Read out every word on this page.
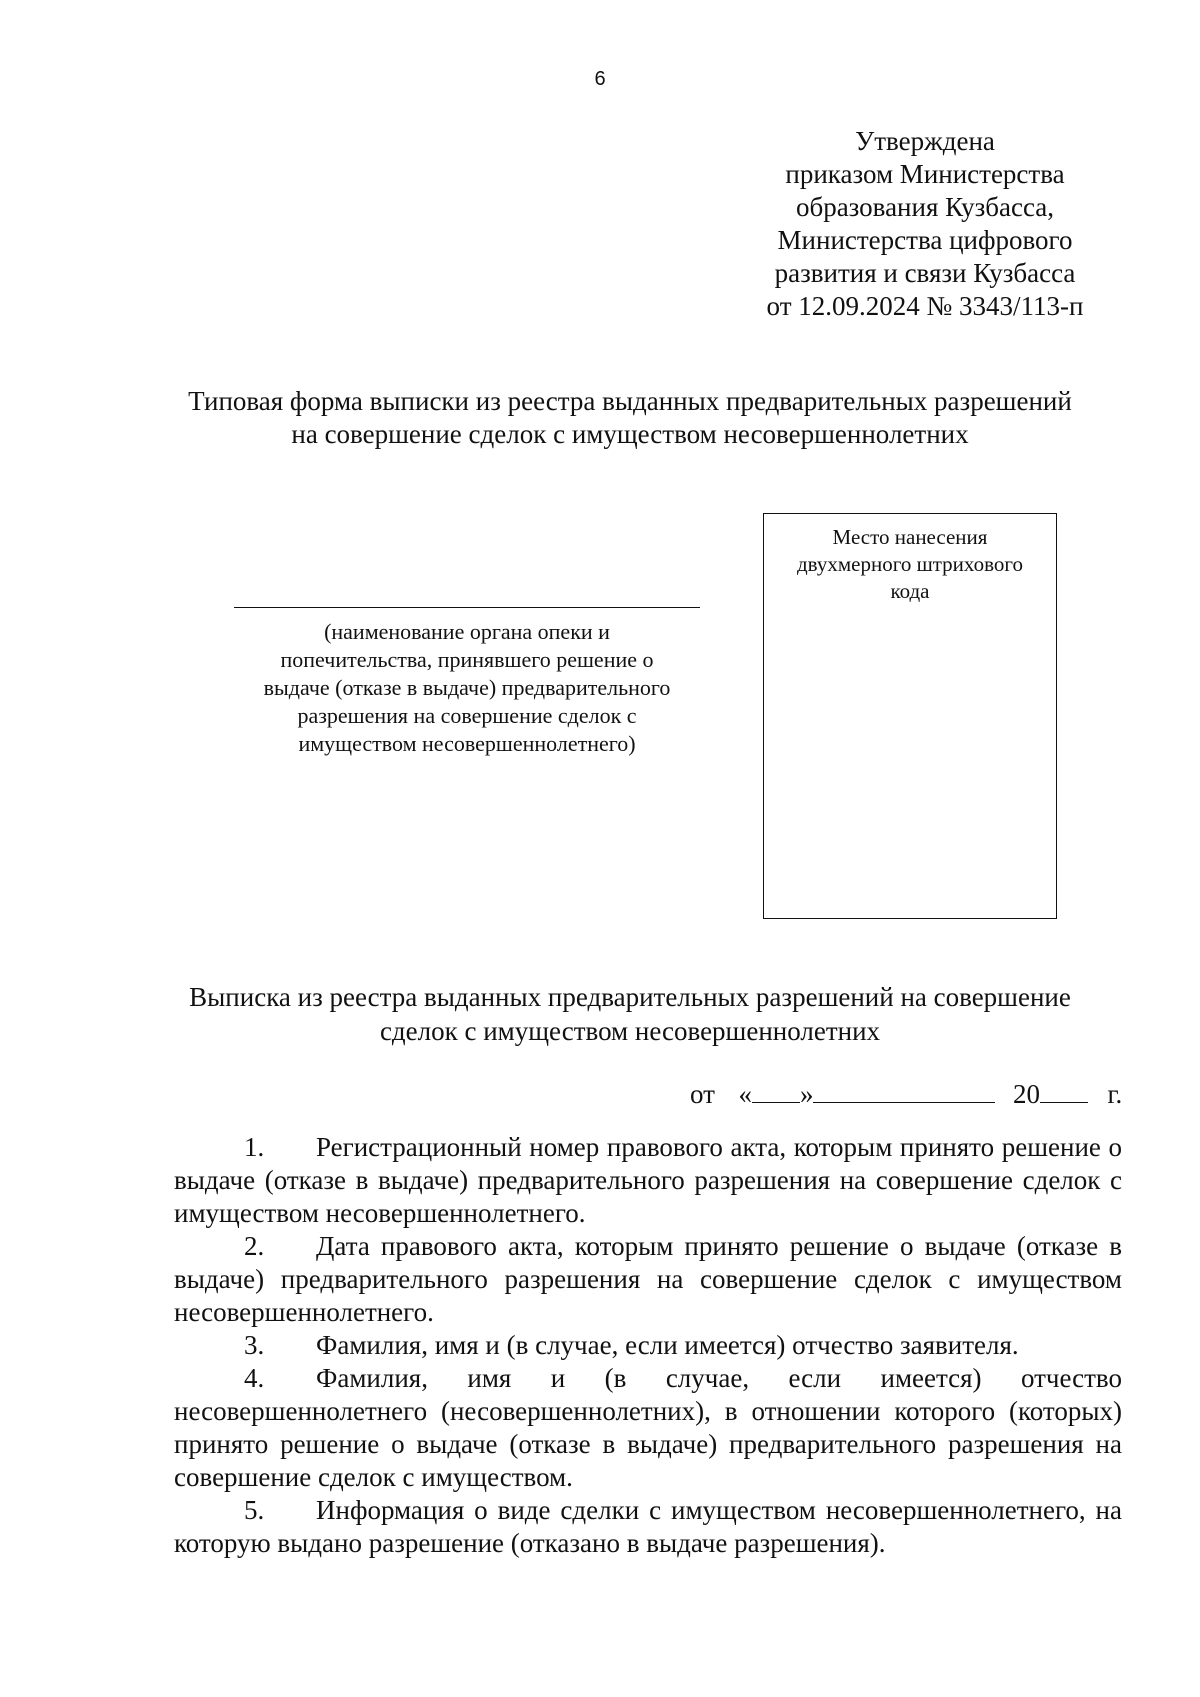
6
Утверждена
приказом Министерства
образования Кузбасса,
Министерства цифрового
развития и связи Кузбасса
от 12.09.2024 № 3343/113-п
Типовая форма выписки из реестра выданных предварительных разрешений
на совершение сделок с имуществом несовершеннолетних
(наименование органа опеки и
попечительства, принявшего решение о
выдаче (отказе в выдаче) предварительного
разрешения на совершение сделок с
имуществом несовершеннолетнего)
Место нанесения
двухмерного штрихового
кода
Выписка из реестра выданных предварительных разрешений на совершение
сделок с имуществом несовершеннолетних
от « »	20	г.

1. Регистрационный номер правового акта, которым принято решение о выдаче (отказе в выдаче) предварительного разрешения на совершение сделок с имуществом несовершеннолетнего.

2. Дата правового акта, которым принято решение о выдаче (отказе в выдаче) предварительного разрешения на совершение сделок с имуществом несовершеннолетнего.

3. Фамилия, имя и (в случае, если имеется) отчество заявителя.

4. Фамилия, имя и (в случае, если имеется) отчество несовершеннолетнего (несовершеннолетних), в отношении которого (которых) принято решение о выдаче (отказе в выдаче) предварительного разрешения на совершение сделок с имуществом.

5. Информация о виде сделки с имуществом несовершеннолетнего, на которую выдано разрешение (отказано в выдаче разрешения).
